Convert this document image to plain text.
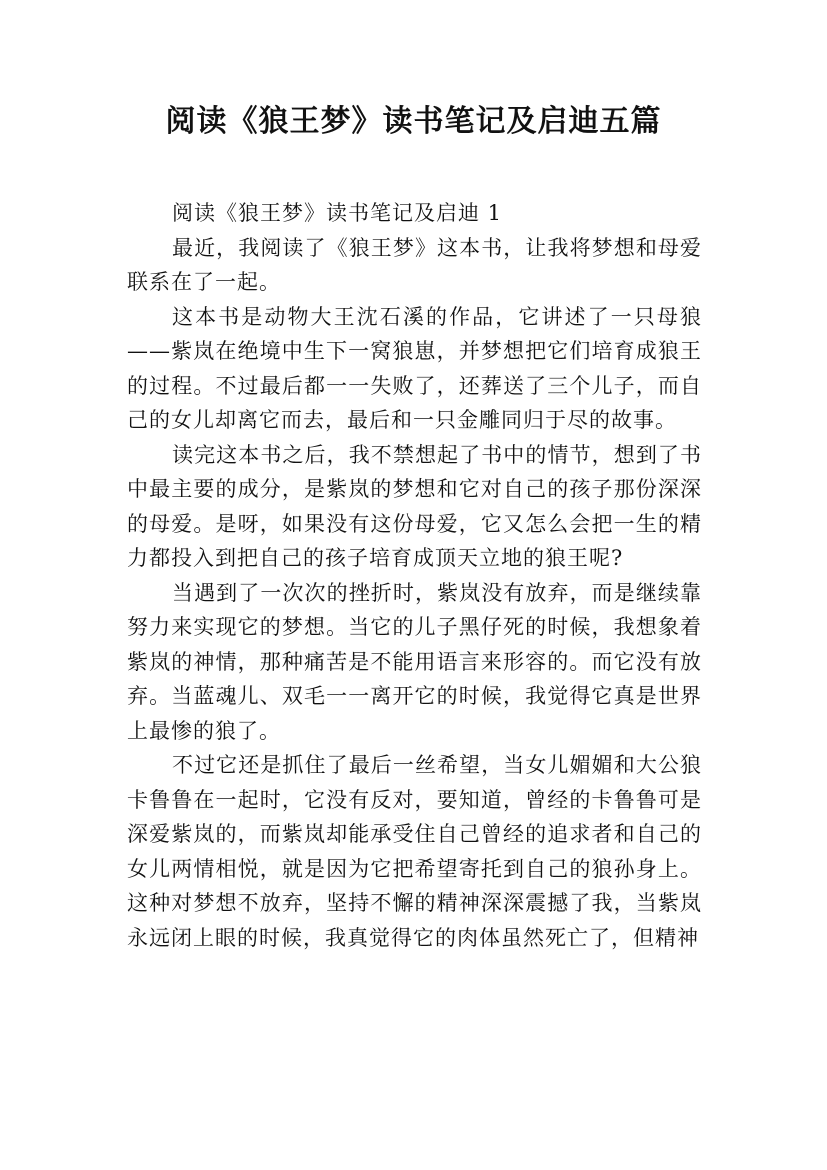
阅读《狼王梦》读书笔记及启迪五篇

阅读《狼王梦》读书笔记及启迪 1

最近，我阅读了《狼王梦》这本书，让我将梦想和母爱联系在了一起。

这本书是动物大王沈石溪的作品，它讲述了一只母狼——紫岚在绝境中生下一窝狼崽，并梦想把它们培育成狼王的过程。不过最后都一一失败了，还葬送了三个儿子，而自己的女儿却离它而去，最后和一只金雕同归于尽的故事。

读完这本书之后，我不禁想起了书中的情节，想到了书中最主要的成分，是紫岚的梦想和它对自己的孩子那份深深的母爱。是呀，如果没有这份母爱，它又怎么会把一生的精力都投入到把自己的孩子培育成顶天立地的狼王呢?

当遇到了一次次的挫折时，紫岚没有放弃，而是继续靠努力来实现它的梦想。当它的儿子黑仔死的时候，我想象着紫岚的神情，那种痛苦是不能用语言来形容的。而它没有放弃。当蓝魂儿、双毛一一离开它的时候，我觉得它真是世界上最惨的狼了。

不过它还是抓住了最后一丝希望，当女儿媚媚和大公狼卡鲁鲁在一起时，它没有反对，要知道，曾经的卡鲁鲁可是深爱紫岚的，而紫岚却能承受住自己曾经的追求者和自己的女儿两情相悦，就是因为它把希望寄托到自己的狼孙身上。这种对梦想不放弃，坚持不懈的精神深深震撼了我，当紫岚永远闭上眼的时候，我真觉得它的肉体虽然死亡了，但精神
